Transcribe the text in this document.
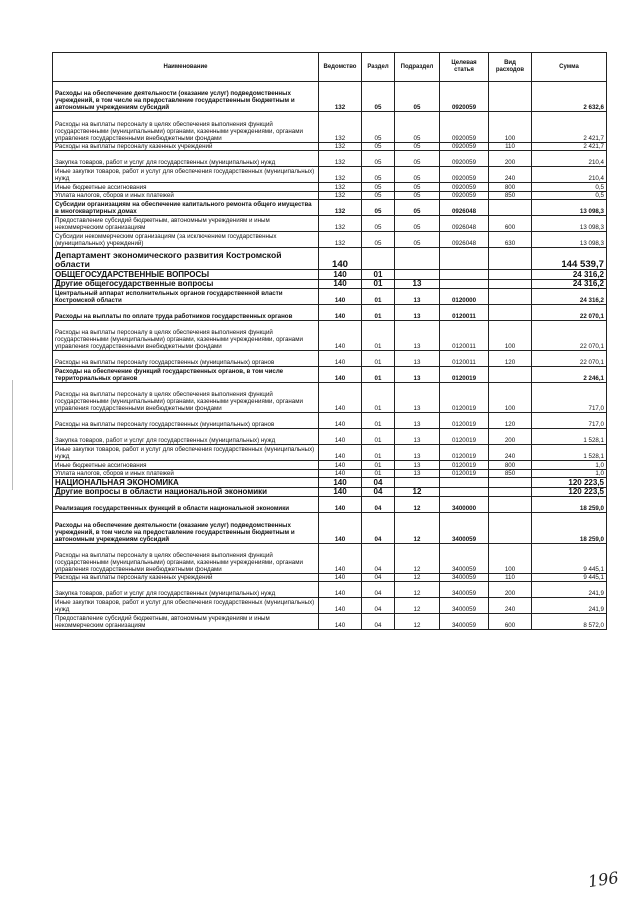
Наименование	Ведомство	Раздел	Подраздел	Целевая статья	Вид расходов	Сумма
Расходы на обеспечение деятельности (оказание услуг) подведомственных учреждений, в том числе на предоставление государственным бюджетным и автономным учреждениям субсидий	132	05	05	0920059		2 632,6
Расходы на выплаты персоналу в целях обеспечения выполнения функций государственными (муниципальными) органами, казенными учреждениями, органами управления государственными внебюджетными фондами	132	05	05	0920059	100	2 421,7
Расходы на выплаты персоналу казенных учреждений	132	05	05	0920059	110	2 421,7
Закупка товаров, работ и услуг для государственных (муниципальных) нужд	132	05	05	0920059	200	210,4
Иные закупки товаров, работ и услуг для обеспечения государственных (муниципальных) нужд	132	05	05	0920059	240	210,4
Иные бюджетные ассигнования	132	05	05	0920059	800	0,5
Уплата налогов, сборов и иных платежей	132	05	05	0920059	850	0,5
Субсидии организациям на обеспечение капитального ремонта общего имущества в многоквартирных домах	132	05	05	0926048		13 098,3
Предоставление субсидий бюджетным, автономным учреждениям и иным некоммерческим организациям	132	05	05	0926048	600	13 098,3
Субсидии некоммерческим организациям (за исключением государственных (муниципальных) учреждений)	132	05	05	0926048	630	13 098,3
Департамент экономического развития Костромской области	140					144 539,7
ОБЩЕГОСУДАРСТВЕННЫЕ ВОПРОСЫ	140	01				24 316,2
Другие общегосударственные вопросы	140	01	13			24 316,2
Центральный аппарат исполнительных органов государственной власти Костромской области	140	01	13	0120000		24 316,2
Расходы на выплаты по оплате труда работников государственных органов	140	01	13	0120011		22 070,1
Расходы на выплаты персоналу в целях обеспечения выполнения функций государственными (муниципальными) органами, казенными учреждениями, органами управления государственными внебюджетными фондами	140	01	13	0120011	100	22 070,1
Расходы на выплаты персоналу государственных (муниципальных) органов	140	01	13	0120011	120	22 070,1
Расходы на обеспечение функций государственных органов, в том числе территориальных органов	140	01	13	0120019		2 246,1
Расходы на выплаты персоналу в целях обеспечения выполнения функций государственными (муниципальными) органами, казенными учреждениями, органами управления государственными внебюджетными фондами	140	01	13	0120019	100	717,0
Расходы на выплаты персоналу государственных (муниципальных) органов	140	01	13	0120019	120	717,0
Закупка товаров, работ и услуг для государственных (муниципальных) нужд	140	01	13	0120019	200	1 528,1
Иные закупки товаров, работ и услуг для обеспечения государственных (муниципальных) нужд	140	01	13	0120019	240	1 528,1
Иные бюджетные ассигнования	140	01	13	0120019	800	1,0
Уплата налогов, сборов и иных платежей	140	01	13	0120019	850	1,0
НАЦИОНАЛЬНАЯ ЭКОНОМИКА	140	04				120 223,5
Другие вопросы в области национальной экономики	140	04	12			120 223,5
Реализация государственных функций в области национальной экономики	140	04	12	3400000		18 259,0
Расходы на обеспечение деятельности (оказание услуг) подведомственных учреждений, в том числе на предоставление государственным бюджетным и автономным учреждениям субсидий	140	04	12	3400059		18 259,0
Расходы на выплаты персоналу в целях обеспечения выполнения функций государственными (муниципальными) органами, казенными учреждениями, органами управления государственными внебюджетными фондами	140	04	12	3400059	100	9 445,1
Расходы на выплаты персоналу казенных учреждений	140	04	12	3400059	110	9 445,1
Закупка товаров, работ и услуг для государственных (муниципальных) нужд	140	04	12	3400059	200	241,9
Иные закупки товаров, работ и услуг для обеспечения государственных (муниципальных) нужд	140	04	12	3400059	240	241,9
Предоставление субсидий бюджетным, автономным учреждениям и иным некоммерческим организациям	140	04	12	3400059	600	8 572,0
196
